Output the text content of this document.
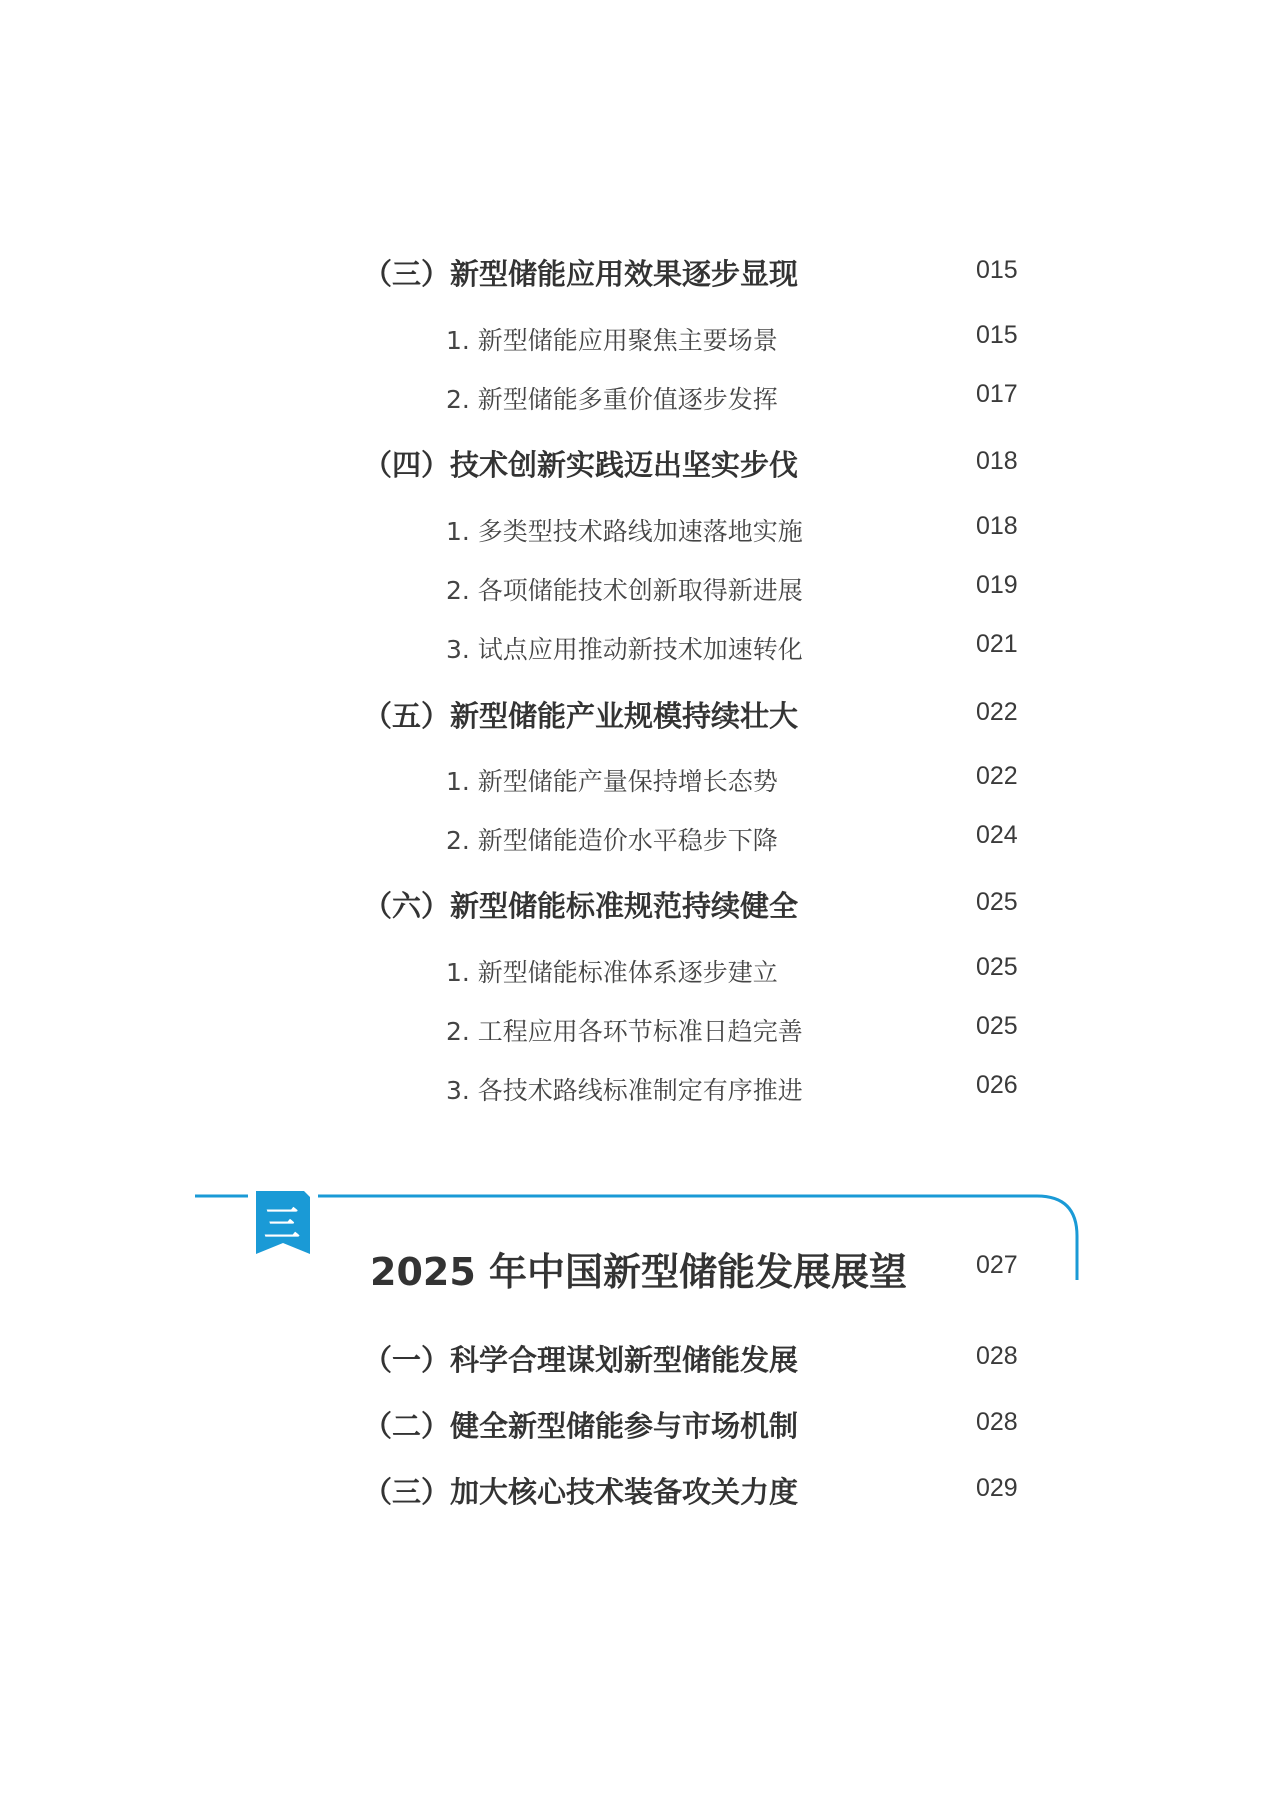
（三）新型储能应用效果逐步显现	015
1. 新型储能应用聚焦主要场景	015
2. 新型储能多重价值逐步发挥	017
（四）技术创新实践迈出坚实步伐	018
1. 多类型技术路线加速落地实施	018
2. 各项储能技术创新取得新进展	019
3. 试点应用推动新技术加速转化	021
（五）新型储能产业规模持续壮大	022
1. 新型储能产量保持增长态势	022
2. 新型储能造价水平稳步下降	024
（六）新型储能标准规范持续健全	025
1. 新型储能标准体系逐步建立	025
2. 工程应用各环节标准日趋完善	025
3. 各技术路线标准制定有序推进	026
三
2025 年中国新型储能发展展望	027
（一）科学合理谋划新型储能发展	028
（二）健全新型储能参与市场机制	028
（三）加大核心技术装备攻关力度	029
